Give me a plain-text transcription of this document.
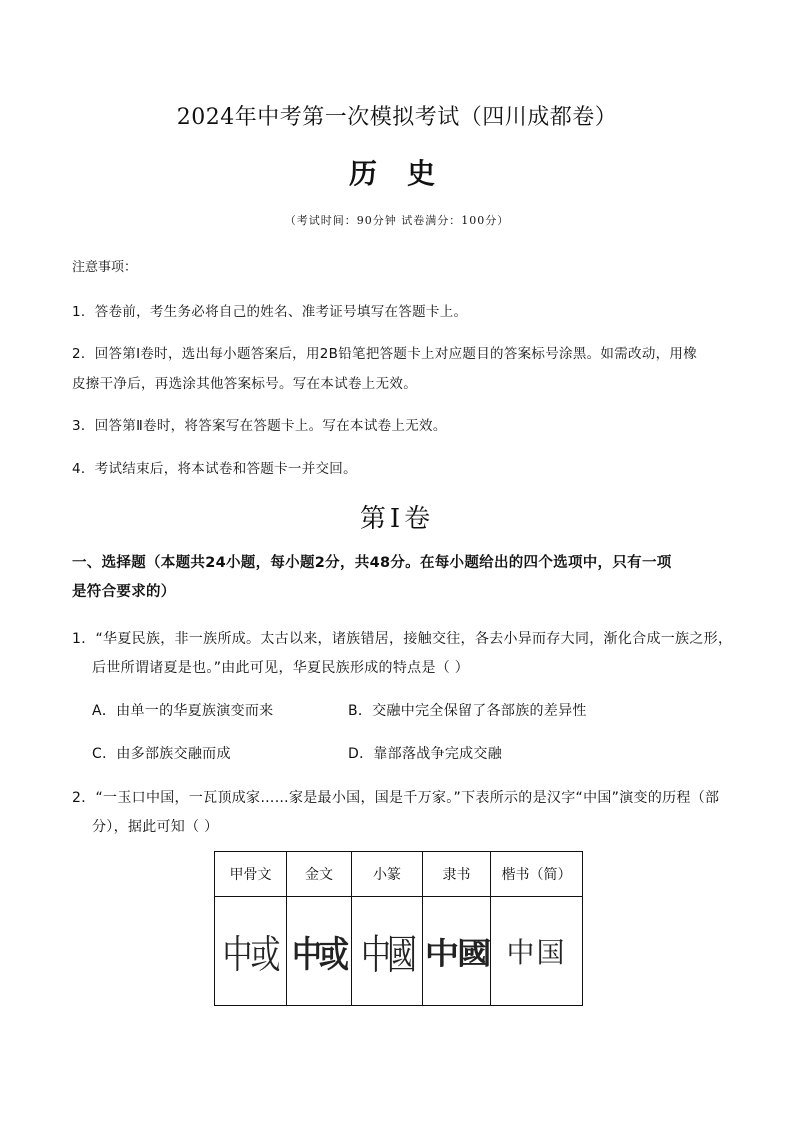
2024年中考第一次模拟考试（四川成都卷）
历史
（考试时间：90分钟 试卷满分：100分）
注意事项：
1．答卷前，考生务必将自己的姓名、准考证号填写在答题卡上。
2．回答第Ⅰ卷时，选出每小题答案后，用2B铅笔把答题卡上对应题目的答案标号涂黑。如需改动，用橡
皮擦干净后，再选涂其他答案标号。写在本试卷上无效。
3．回答第Ⅱ卷时，将答案写在答题卡上。写在本试卷上无效。
4．考试结束后，将本试卷和答题卡一并交回。
第Ⅰ卷
一、选择题（本题共24小题，每小题2分，共48分。在每小题给出的四个选项中，只有一项
是符合要求的）
1．“华夏民族，非一族所成。太古以来，诸族错居，接触交往，各去小异而存大同，渐化合成一族之形，
后世所谓诸夏是也。”由此可见，华夏民族形成的特点是（ ）
A．由单一的华夏族演变而来	B．交融中完全保留了各部族的差异性
C．由多部族交融而成	D．靠部落战争完成交融
2．“一玉口中国，一瓦顶成家……家是最小国，国是千万家。”下表所示的是汉字“中国”演变的历程（部
分），据此可知（ ）
甲骨文	金文	小篆	隶书	楷书（简）
中或	中或	中國	中國	中国
